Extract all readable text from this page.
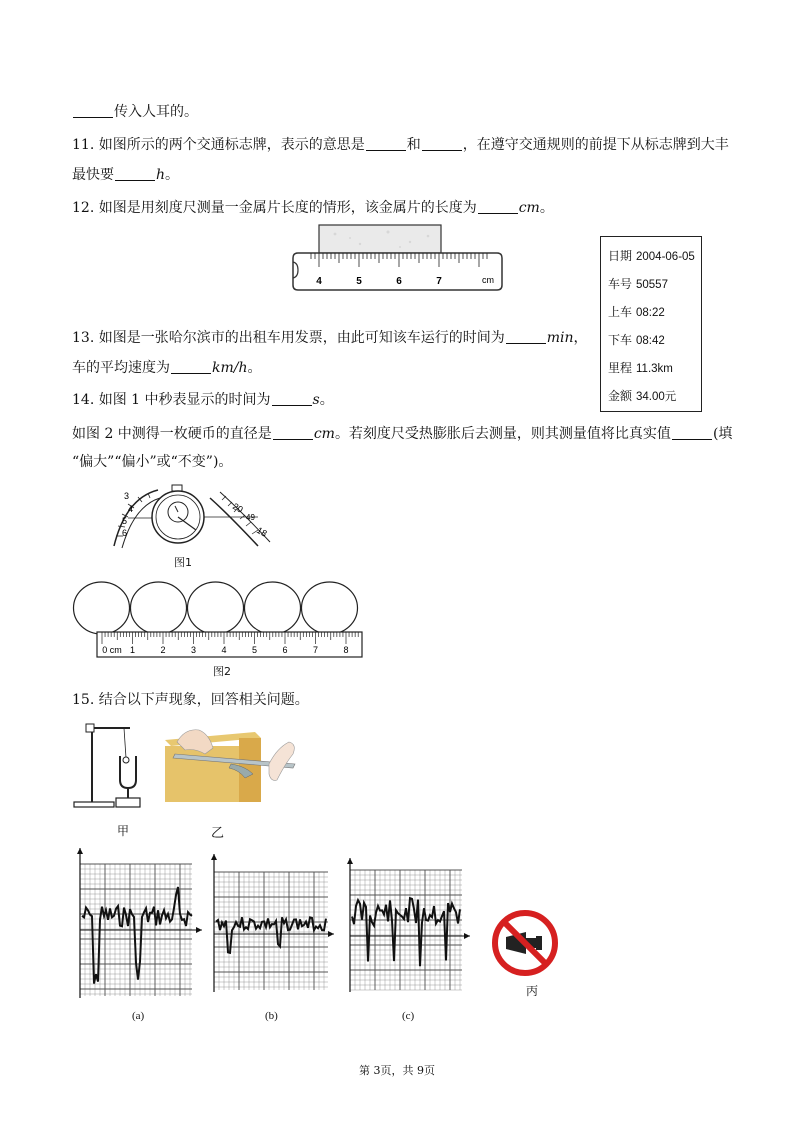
传入人耳的。
11. 如图所示的两个交通标志牌，表示的意思是	和	，在遵守交通规则的前提下从标志牌到大丰
最快要	h。
12. 如图是用刻度尺测量一金属片长度的情形，该金属片的长度为	cm。
4	5	6	7	cm
日期 2004-06-05
车号 50557
上车 08:22
下车 08:42
里程 11.3km
金额 34.00元
13. 如图是一张哈尔滨市的出租车用发票，由此可知该车运行的时间为	min，
车的平均速度为	km/h。
14. 如图 1 中秒表显示的时间为	s。
如图 2 中测得一枚硬币的直径是	cm。若刻度尺受热膨胀后去测量，则其测量值将比真实值	(填
“偏大”“偏小”或“不变”)。
3
4
5
6
20
49
18
图1
0 cm 1	2	3	4	5	6	7	8
图2
15. 结合以下声现象，回答相关问题。
甲	乙
(a)	(b)	(c)
丙
第 3页，共 9页
